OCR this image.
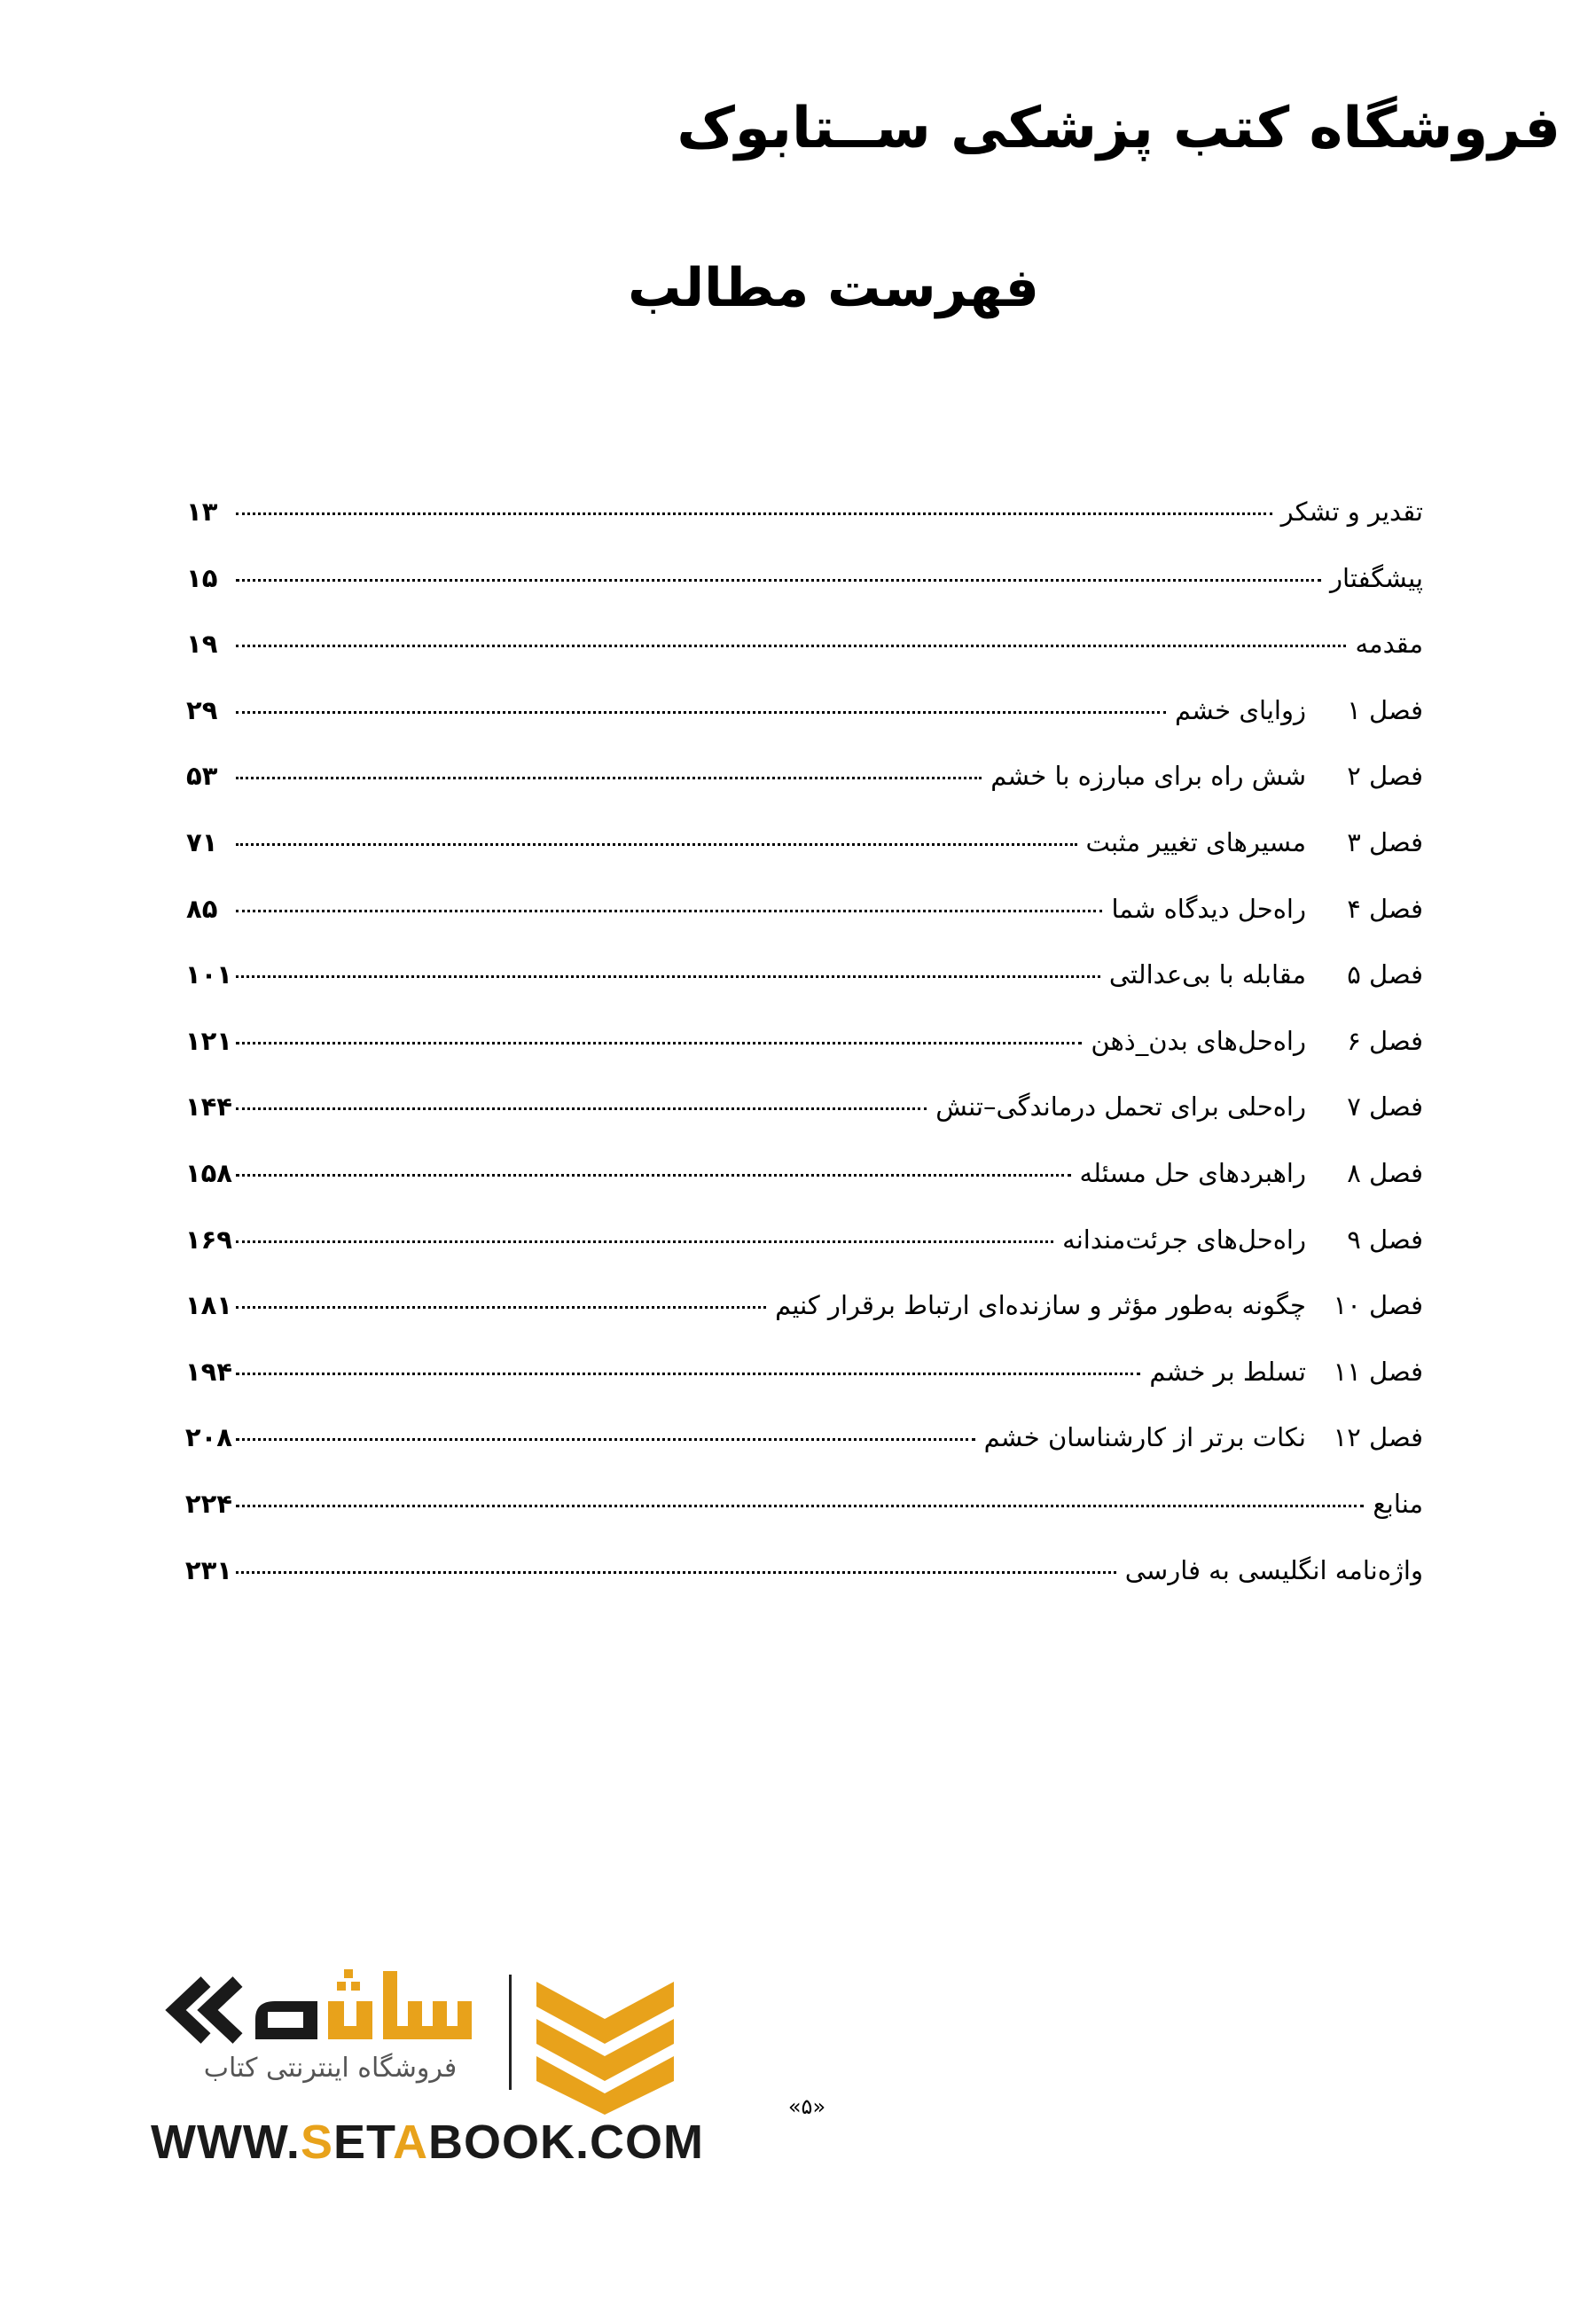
فروشگاه کتب پزشکی ســتابوک
فهرست مطالب
تقدیر و تشکر
۱۳
پیشگفتار
۱۵
مقدمه
۱۹
فصل ۱
زوایای خشم
۲۹
فصل ۲
شش راه برای مبارزه با خشم
۵۳
فصل ۳
مسیرهای تغییر مثبت
۷۱
فصل ۴
راه‌حل دیدگاه شما
۸۵
فصل ۵
مقابله با بی‌عدالتی
۱۰۱
فصل ۶
راه‌حل‌های بدن_ذهن
۱۲۱
فصل ۷
راه‌حلی برای تحمل درماندگی–تنش
۱۴۴
فصل ۸
راهبردهای حل مسئله
۱۵۸
فصل ۹
راه‌حل‌های جرئت‌مندانه
۱۶۹
فصل ۱۰
چگونه به‌طور مؤثر و سازنده‌ای ارتباط برقرار کنیم
۱۸۱
فصل ۱۱
تسلط بر خشم
۱۹۴
فصل ۱۲
نکات برتر از کارشناسان خشم
۲۰۸
منابع
۲۲۴
واژه‌نامه انگلیسی به فارسی
۲۳۱
فروشگاه اینترنتی کتاب
WWW.SETABOOK.COM
«۵»
